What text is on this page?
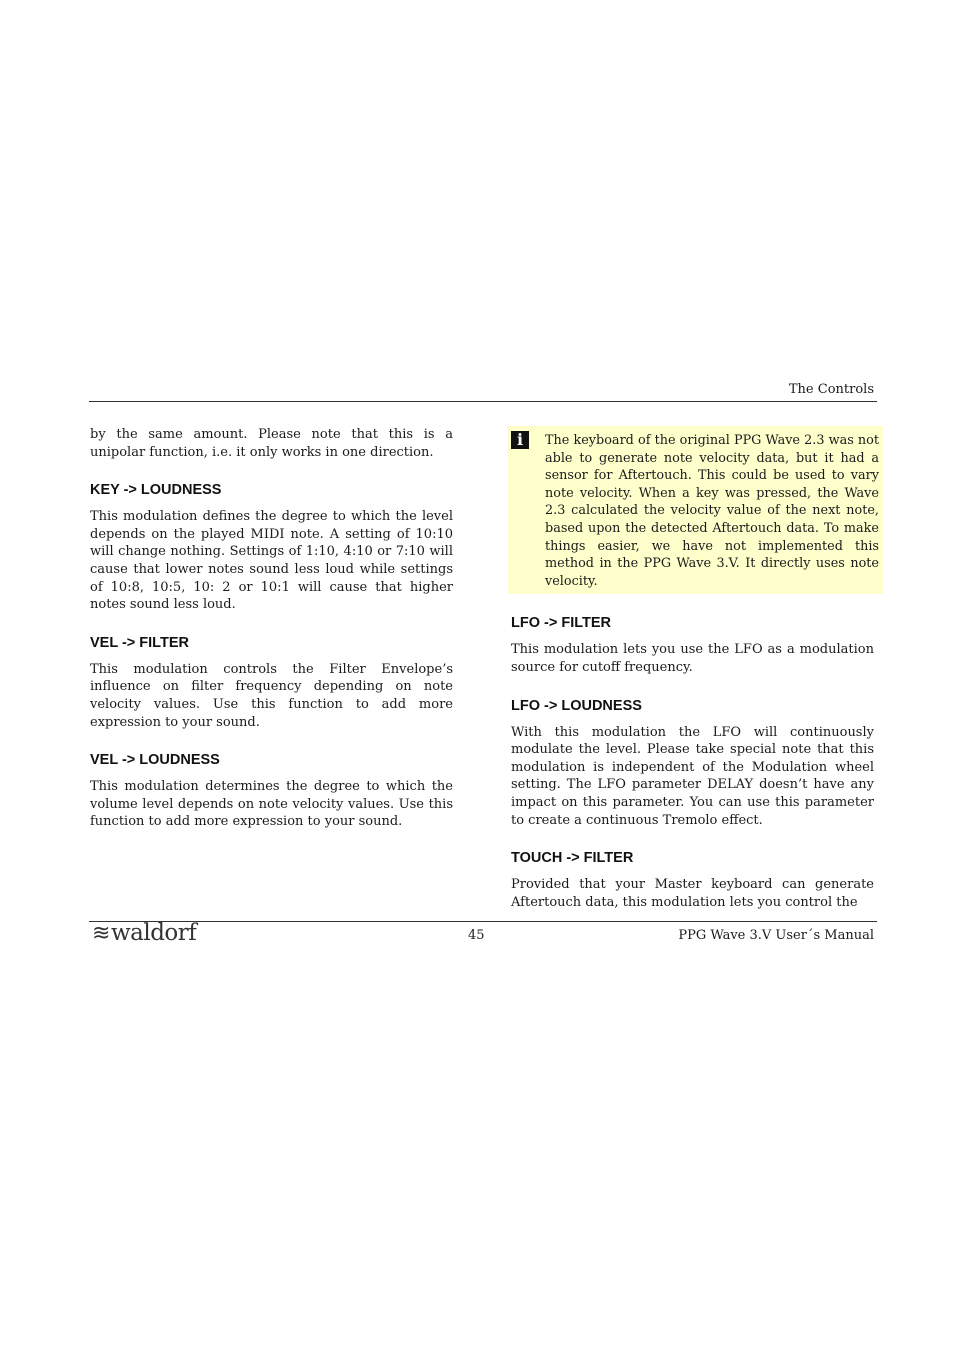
The Controls

by the same amount. Please note that this is a unipolar function, i.e. it only works in one direction.

KEY -> LOUDNESS

This modulation defines the degree to which the level depends on the played MIDI note. A setting of 10:10 will change nothing. Settings of 1:10, 4:10 or 7:10 will cause that lower notes sound less loud while settings of 10:8, 10:5, 10: 2 or 10:1 will cause that higher notes sound less loud.

VEL -> FILTER

This modulation controls the Filter Envelope’s influence on filter frequency depending on note velocity values. Use this function to add more expression to your sound.

VEL -> LOUDNESS

This modulation determines the degree to which the volume level depends on note velocity values. Use this function to add more expression to your sound.

i	The keyboard of the original PPG Wave 2.3 was not able to generate note velocity data, but it had a sensor for Aftertouch. This could be used to vary note velocity. When a key was pressed, the Wave 2.3 calculated the velocity value of the next note, based upon the detected Aftertouch data. To make things easier, we have not implemented this method in the PPG Wave 3.V. It directly uses note velocity.

LFO -> FILTER

This modulation lets you use the LFO as a modulation source for cutoff frequency.

LFO -> LOUDNESS

With this modulation the LFO will continuously modulate the level. Please take special note that this modulation is independent of the Modulation wheel setting. The LFO parameter DELAY doesn’t have any impact on this parameter. You can use this parameter to create a continuous Tremolo effect.

TOUCH -> FILTER

Provided that your Master keyboard can generate Aftertouch data, this modulation lets you control the

≋waldorf	45	PPG Wave 3.V User´s Manual
